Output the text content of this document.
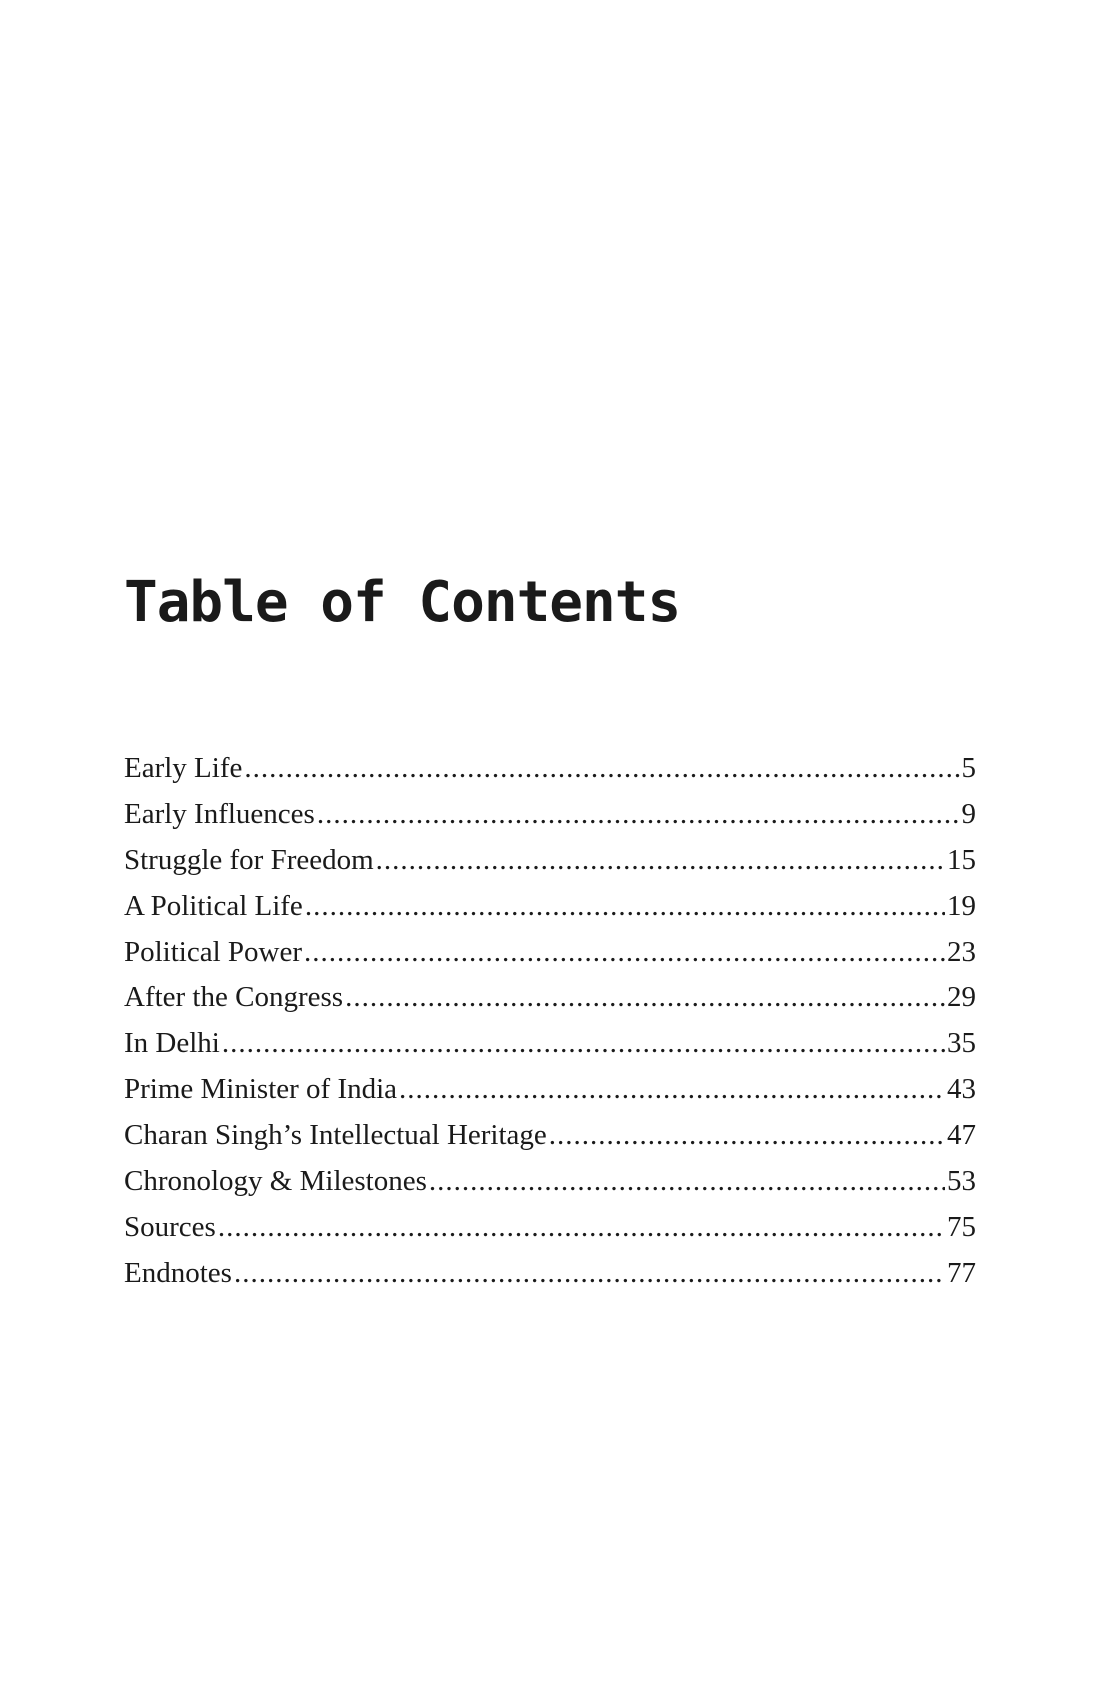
Table of Contents
Early Life .....	5
Early Influences .....	9
Struggle for Freedom .....	15
A Political Life .....	19
Political Power .....	23
After the Congress .....	29
In Delhi .....	35
Prime Minister of India .....	43
Charan Singh’s Intellectual Heritage .....	47
Chronology & Milestones .....	53
Sources .....	75
Endnotes .....	77
